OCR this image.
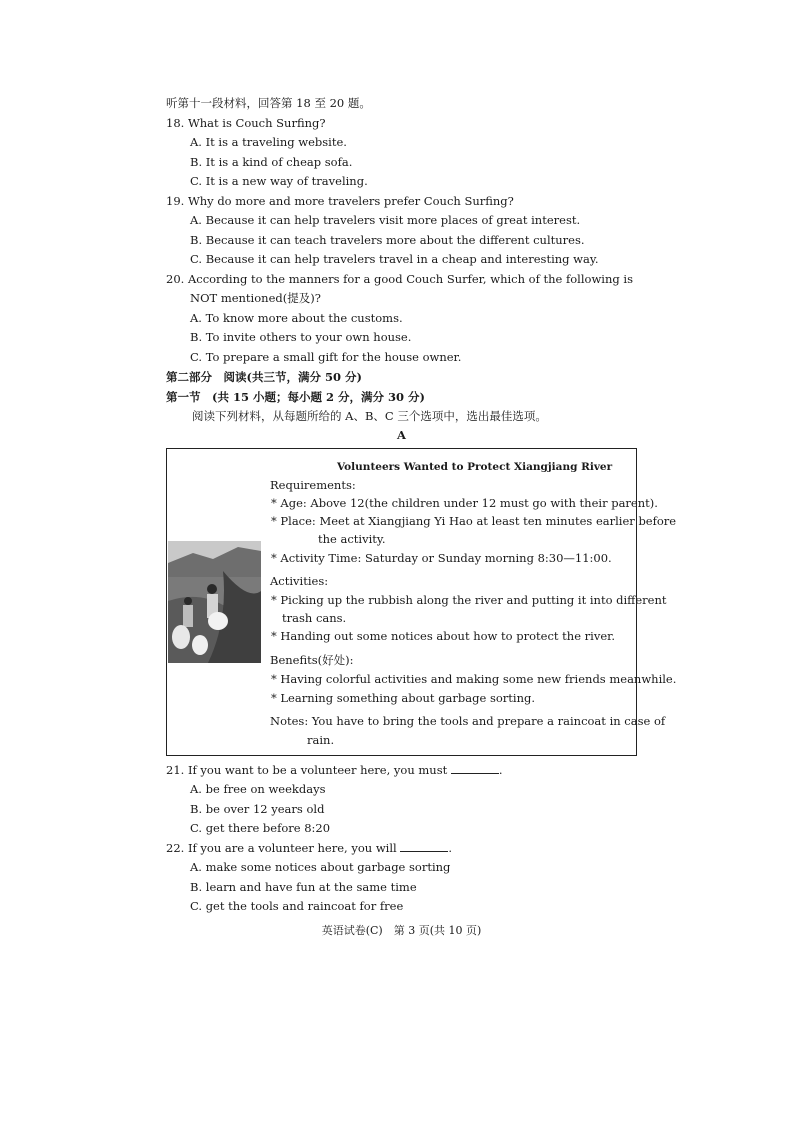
听第十一段材料，回答第 18 至 20 题。
18. What is Couch Surfing?
A. It is a traveling website.
B. It is a kind of cheap sofa.
C. It is a new way of traveling.
19. Why do more and more travelers prefer Couch Surfing?
A. Because it can help travelers visit more places of great interest.
B. Because it can teach travelers more about the different cultures.
C. Because it can help travelers travel in a cheap and interesting way.
20. According to the manners for a good Couch Surfer, which of the following is
NOT mentioned(提及)?
A. To know more about the customs.
B. To invite others to your own house.
C. To prepare a small gift for the house owner.
第二部分　阅读(共三节，满分 50 分)
第一节　(共 15 小题；每小题 2 分，满分 30 分)
阅读下列材料，从每题所给的 A、B、C 三个选项中，选出最佳选项。
A
Volunteers Wanted to Protect Xiangjiang River
Requirements:
* Age: Above 12(the children under 12 must go with their parent).
* Place: Meet at Xiangjiang Yi Hao at least ten minutes earlier before
the activity.
* Activity Time: Saturday or Sunday morning 8:30—11:00.
Activities:
* Picking up the rubbish along the river and putting it into different
trash cans.
* Handing out some notices about how to protect the river.
Benefits(好处):
* Having colorful activities and making some new friends meanwhile.
* Learning something about garbage sorting.
Notes: You have to bring the tools and prepare a raincoat in case of
rain.
21. If you want to be a volunteer here, you must	.
A. be free on weekdays
B. be over 12 years old
C. get there before 8:20
22. If you are a volunteer here, you will	.
A. make some notices about garbage sorting
B. learn and have fun at the same time
C. get the tools and raincoat for free
英语试卷(C)　第 3 页(共 10 页)
